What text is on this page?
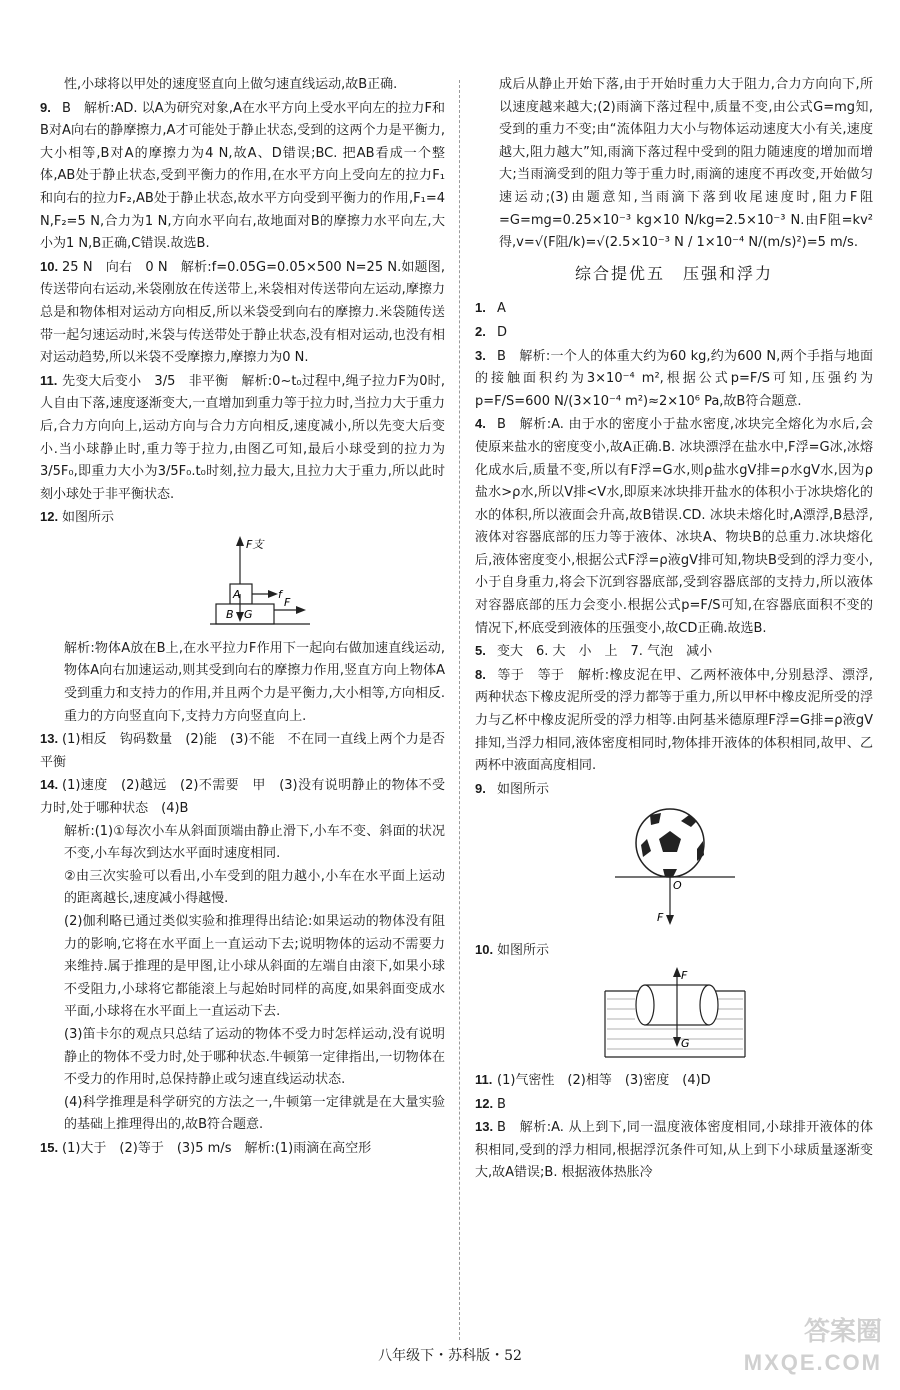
性,小球将以甲处的速度竖直向上做匀速直线运动,故B正确.

9. B　解析:AD. 以A为研究对象,A在水平方向上受水平向左的拉力F和B对A向右的静摩擦力,A才可能处于静止状态,受到的这两个力是平衡力,大小相等,B对A的摩擦力为4 N,故A、D错误;BC. 把AB看成一个整体,AB处于静止状态,受到平衡力的作用,在水平方向上受向左的拉力F₁和向右的拉力F₂,AB处于静止状态,故水平方向受到平衡力的作用,F₁=4 N,F₂=5 N,合力为1 N,方向水平向右,故地面对B的摩擦力水平向左,大小为1 N,B正确,C错误.故选B.

10. 25 N　向右　0 N　解析:f=0.05G=0.05×500 N=25 N.如题图,传送带向右运动,米袋刚放在传送带上,米袋相对传送带向左运动,摩擦力总是和物体相对运动方向相反,所以米袋受到向右的摩擦力.米袋随传送带一起匀速运动时,米袋与传送带处于静止状态,没有相对运动,也没有相对运动趋势,所以米袋不受摩擦力,摩擦力为0 N.

11. 先变大后变小　3/5　非平衡　解析:0~t₀过程中,绳子拉力F为0时,人自由下落,速度逐渐变大,一直增加到重力等于拉力时,当拉力大于重力后,合力方向向上,运动方向与合力方向相反,速度减小,所以先变大后变小.当小球静止时,重力等于拉力,由图乙可知,最后小球受到的拉力为3/5F₀,即重力大小为3/5F₀.t₀时刻,拉力最大,且拉力大于重力,所以此时刻小球处于非平衡状态.

12. 如图所示

F支
A	f
B G
F

解析:物体A放在B上,在水平拉力F作用下一起向右做加速直线运动,物体A向右加速运动,则其受到向右的摩擦力作用,竖直方向上物体A受到重力和支持力的作用,并且两个力是平衡力,大小相等,方向相反.重力的方向竖直向下,支持力方向竖直向上.

13. (1)相反　钩码数量　(2)能　(3)不能　不在同一直线上两个力是否平衡

14. (1)速度　(2)越远　(2)不需要　甲　(3)没有说明静止的物体不受力时,处于哪种状态　(4)B

解析:(1)①每次小车从斜面顶端由静止滑下,小车不变、斜面的状况不变,小车每次到达水平面时速度相同.

②由三次实验可以看出,小车受到的阻力越小,小车在水平面上运动的距离越长,速度减小得越慢.

(2)伽利略已通过类似实验和推理得出结论:如果运动的物体没有阻力的影响,它将在水平面上一直运动下去;说明物体的运动不需要力来维持.属于推理的是甲图,让小球从斜面的左端自由滚下,如果小球不受阻力,小球将它都能滚上与起始时同样的高度,如果斜面变成水平面,小球将在水平面上一直运动下去.

(3)笛卡尔的观点只总结了运动的物体不受力时怎样运动,没有说明静止的物体不受力时,处于哪种状态.牛顿第一定律指出,一切物体在不受力的作用时,总保持静止或匀速直线运动状态.

(4)科学推理是科学研究的方法之一,牛顿第一定律就是在大量实验的基础上推理得出的,故B符合题意.

15. (1)大于　(2)等于　(3)5 m/s　解析:(1)雨滴在高空形

成后从静止开始下落,由于开始时重力大于阻力,合力方向向下,所以速度越来越大;(2)雨滴下落过程中,质量不变,由公式G=mg知,受到的重力不变;由“流体阻力大小与物体运动速度大小有关,速度越大,阻力越大”知,雨滴下落过程中受到的阻力随速度的增加而增大;当雨滴受到的阻力等于重力时,雨滴的速度不再改变,开始做匀速运动;(3)由题意知,当雨滴下落到收尾速度时,阻力F阻=G=mg=0.25×10⁻³ kg×10 N/kg=2.5×10⁻³ N.由F阻=kv²得,v=√(F阻/k)=√(2.5×10⁻³ N / 1×10⁻⁴ N/(m/s)²)=5 m/s.

综合提优五　压强和浮力

1. A

2. D

3. B　解析:一个人的体重大约为60 kg,约为600 N,两个手指与地面的接触面积约为3×10⁻⁴ m²,根据公式p=F/S可知,压强约为p=F/S=600 N/(3×10⁻⁴ m²)≈2×10⁶ Pa,故B符合题意.

4. B　解析:A. 由于水的密度小于盐水密度,冰块完全熔化为水后,会使原来盐水的密度变小,故A正确.B. 冰块漂浮在盐水中,F浮=G冰,冰熔化成水后,质量不变,所以有F浮=G水,则ρ盐水gV排=ρ水gV水,因为ρ盐水>ρ水,所以V排<V水,即原来冰块排开盐水的体积小于冰块熔化的水的体积,所以液面会升高,故B错误.CD. 冰块未熔化时,A漂浮,B悬浮,液体对容器底部的压力等于液体、冰块A、物块B的总重力.冰块熔化后,液体密度变小,根据公式F浮=ρ液gV排可知,物块B受到的浮力变小,小于自身重力,将会下沉到容器底部,受到容器底部的支持力,所以液体对容器底部的压力会变小.根据公式p=F/S可知,在容器底面积不变的情况下,杯底受到液体的压强变小,故CD正确.故选B.

5. 变大　6. 大　小　上　7. 气泡　减小

8. 等于　等于　解析:橡皮泥在甲、乙两杯液体中,分别悬浮、漂浮,两种状态下橡皮泥所受的浮力都等于重力,所以甲杯中橡皮泥所受的浮力与乙杯中橡皮泥所受的浮力相等.由阿基米德原理F浮=G排=ρ液gV排知,当浮力相同,液体密度相同时,物体排开液体的体积相同,故甲、乙两杯中液面高度相同.

9. 如图所示

O
F

10. 如图所示

F
G

11. (1)气密性　(2)相等　(3)密度　(4)D

12. B

13. B　解析:A. 从上到下,同一温度液体密度相同,小球排开液体的体积相同,受到的浮力相同,根据浮沉条件可知,从上到下小球质量逐渐变大,故A错误;B. 根据液体热胀冷

八年级下・苏科版・52
答案圈
MXQE.COM
